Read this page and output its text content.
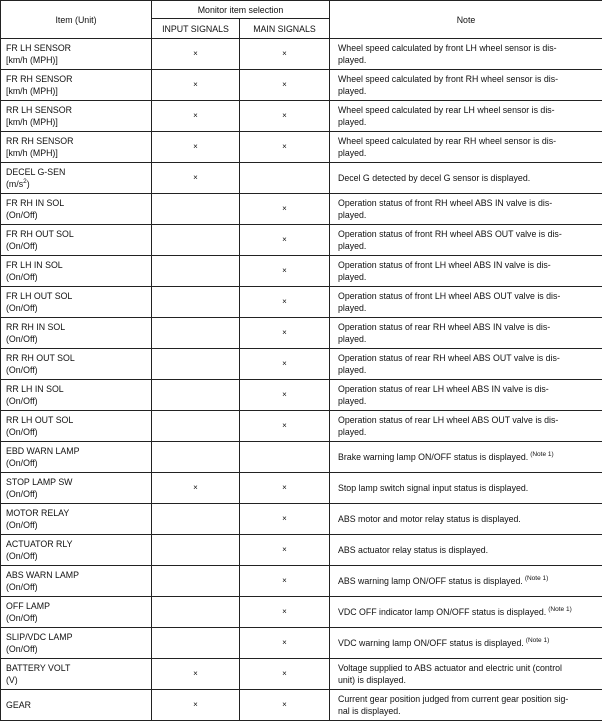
Item (Unit)	Monitor item selection		Note
	INPUT SIGNALS	MAIN SIGNALS	

FR LH SENSOR
[km/h (MPH)]	×	×	Wheel speed calculated by front LH wheel sensor is dis-
played.

FR RH SENSOR
[km/h (MPH)]	×	×	Wheel speed calculated by front RH wheel sensor is dis-
played.

RR LH SENSOR
[km/h (MPH)]	×	×	Wheel speed calculated by rear LH wheel sensor is dis-
played.

RR RH SENSOR
[km/h (MPH)]	×	×	Wheel speed calculated by rear RH wheel sensor is dis-
played.

DECEL G-SEN
$(m/s^2)$	×		Decel G detected by decel G sensor is displayed.

FR RH IN SOL
(On/Off)		×	Operation status of front RH wheel ABS IN valve is dis-
played.

FR RH OUT SOL
(On/Off)		×	Operation status of front RH wheel ABS OUT valve is dis-
played.

FR LH IN SOL
(On/Off)		×	Operation status of front LH wheel ABS IN valve is dis-
played.

FR LH OUT SOL
(On/Off)		×	Operation status of front LH wheel ABS OUT valve is dis-
played.

RR RH IN SOL
(On/Off)		×	Operation status of rear RH wheel ABS IN valve is dis-
played.

RR RH OUT SOL
(On/Off)		×	Operation status of rear RH wheel ABS OUT valve is dis-
played.

RR LH IN SOL
(On/Off)		×	Operation status of rear LH wheel ABS IN valve is dis-
played.

RR LH OUT SOL
(On/Off)		×	Operation status of rear LH wheel ABS OUT valve is dis-
played.

EBD WARN LAMP
(On/Off)			Brake warning lamp ON/OFF status is displayed. $^{(Note 1)}$

STOP LAMP SW
(On/Off)	×	×	Stop lamp switch signal input status is displayed.

MOTOR RELAY
(On/Off)		×	ABS motor and motor relay status is displayed.

ACTUATOR RLY
(On/Off)		×	ABS actuator relay status is displayed.

ABS WARN LAMP
(On/Off)		×	ABS warning lamp ON/OFF status is displayed. $^{(Note 1)}$

OFF LAMP
(On/Off)		×	VDC OFF indicator lamp ON/OFF status is displayed. $^{(Note 1)}$

SLIP/VDC LAMP
(On/Off)		×	VDC warning lamp ON/OFF status is displayed. $^{(Note 1)}$

BATTERY VOLT
(V)	×	×	Voltage supplied to ABS actuator and electric unit (control
unit) is displayed.

GEAR	×	×	Current gear position judged from current gear position sig-
nal is displayed.
